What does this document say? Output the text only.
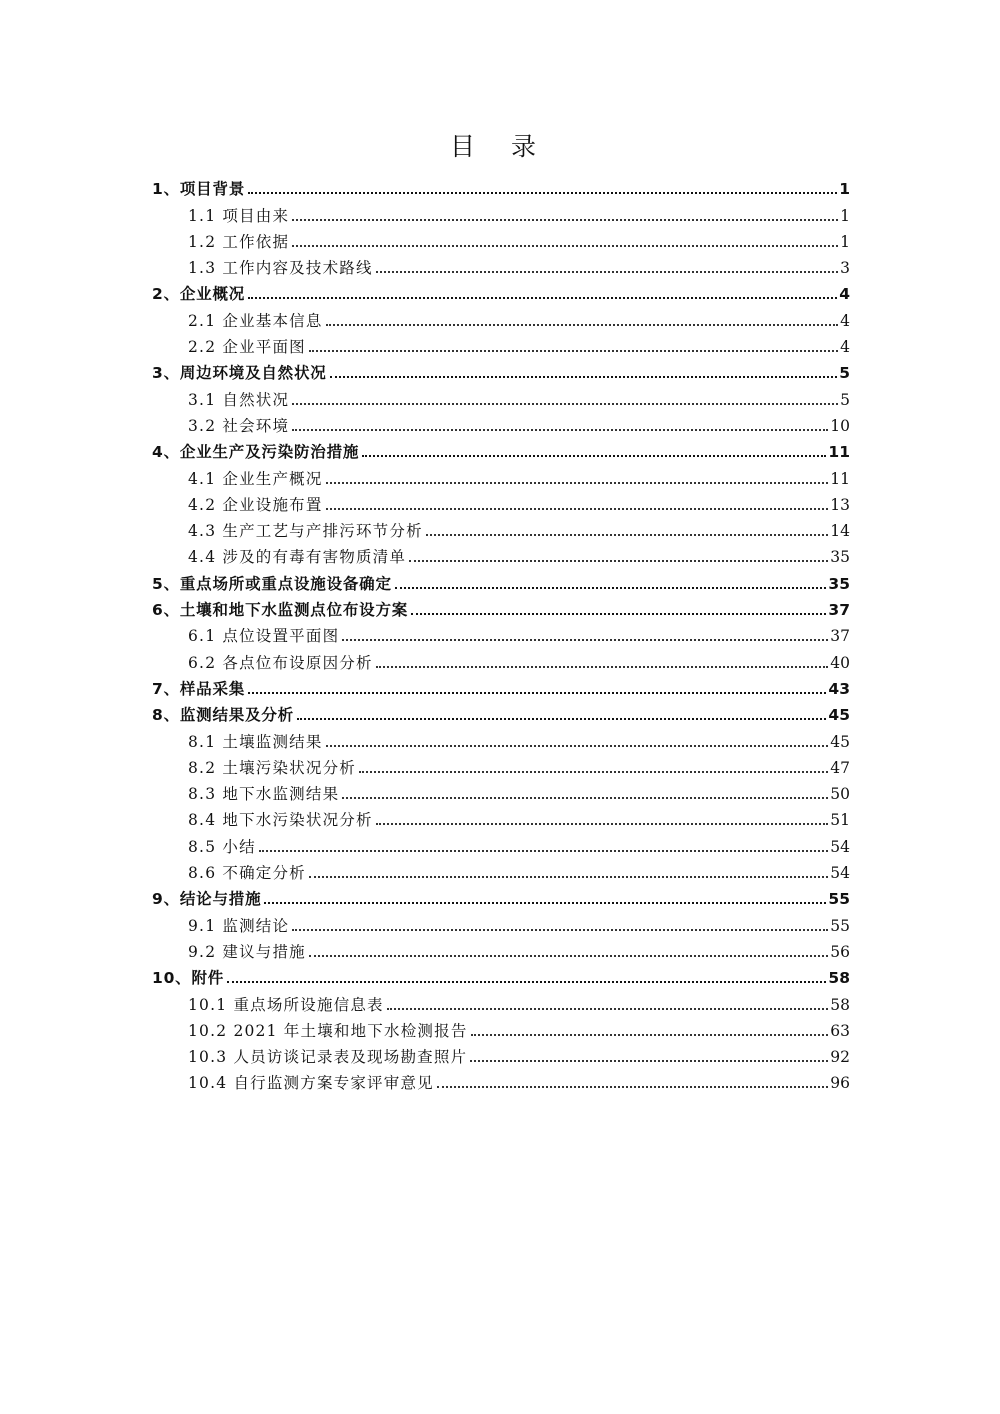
目 录
1、项目背景	1
1.1 项目由来	1
1.2 工作依据	1
1.3 工作内容及技术路线	3
2、企业概况	4
2.1 企业基本信息	4
2.2 企业平面图	4
3、周边环境及自然状况	5
3.1 自然状况	5
3.2 社会环境	10
4、企业生产及污染防治措施	11
4.1 企业生产概况	11
4.2 企业设施布置	13
4.3 生产工艺与产排污环节分析	14
4.4 涉及的有毒有害物质清单	35
5、重点场所或重点设施设备确定	35
6、土壤和地下水监测点位布设方案	37
6.1 点位设置平面图	37
6.2 各点位布设原因分析	40
7、样品采集	43
8、监测结果及分析	45
8.1 土壤监测结果	45
8.2 土壤污染状况分析	47
8.3 地下水监测结果	50
8.4 地下水污染状况分析	51
8.5 小结	54
8.6 不确定分析	54
9、结论与措施	55
9.1 监测结论	55
9.2 建议与措施	56
10、附件	58
10.1 重点场所设施信息表	58
10.2 2021 年土壤和地下水检测报告	63
10.3 人员访谈记录表及现场勘查照片	92
10.4 自行监测方案专家评审意见	96
